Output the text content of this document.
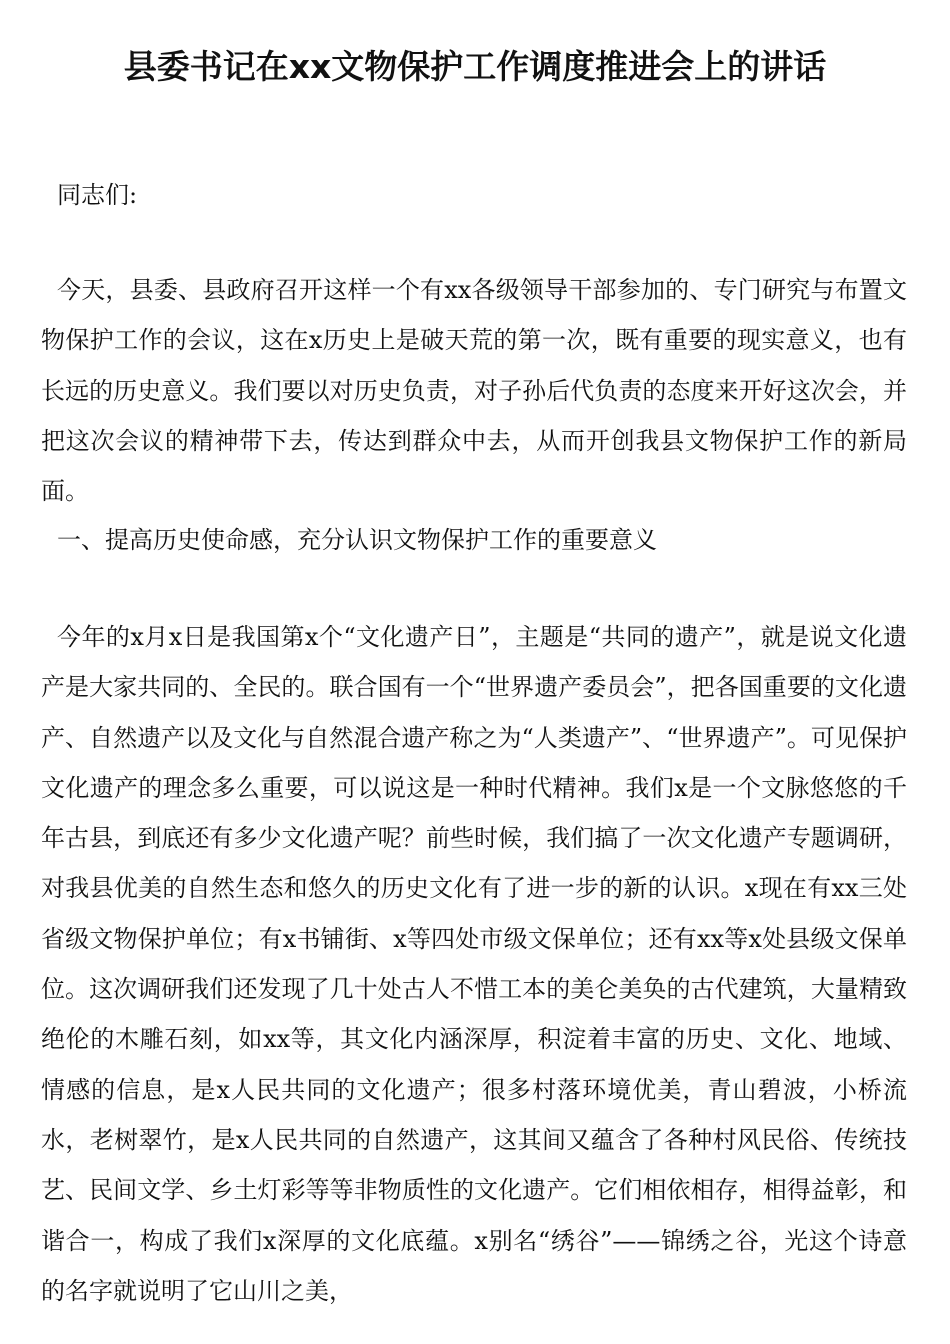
县委书记在xx文物保护工作调度推进会上的讲话

同志们:

今天，县委、县政府召开这样一个有xx各级领导干部参加的、专门研究与布置文物保护工作的会议，这在x历史上是破天荒的第一次，既有重要的现实意义，也有长远的历史意义。我们要以对历史负责，对子孙后代负责的态度来开好这次会，并把这次会议的精神带下去，传达到群众中去，从而开创我县文物保护工作的新局面。

一、提高历史使命感，充分认识文物保护工作的重要意义

今年的x月x日是我国第x个“文化遗产日”，主题是“共同的遗产”，就是说文化遗产是大家共同的、全民的。联合国有一个“世界遗产委员会”，把各国重要的文化遗产、自然遗产以及文化与自然混合遗产称之为“人类遗产”、“世界遗产”。可见保护文化遗产的理念多么重要，可以说这是一种时代精神。我们x是一个文脉悠悠的千年古县，到底还有多少文化遗产呢？前些时候，我们搞了一次文化遗产专题调研，对我县优美的自然生态和悠久的历史文化有了进一步的新的认识。x现在有xx三处省级文物保护单位；有x书铺街、x等四处市级文保单位；还有xx等x处县级文保单位。这次调研我们还发现了几十处古人不惜工本的美仑美奂的古代建筑，大量精致绝伦的木雕石刻，如xx等，其文化内涵深厚，积淀着丰富的历史、文化、地域、情感的信息，是x人民共同的文化遗产；很多村落环境优美，青山碧波，小桥流水，老树翠竹，是x人民共同的自然遗产，这其间又蕴含了各种村风民俗、传统技艺、民间文学、乡土灯彩等等非物质性的文化遗产。它们相依相存，相得益彰，和谐合一，构成了我们x深厚的文化底蕴。x别名“绣谷”——锦绣之谷，光这个诗意的名字就说明了它山川之美，
